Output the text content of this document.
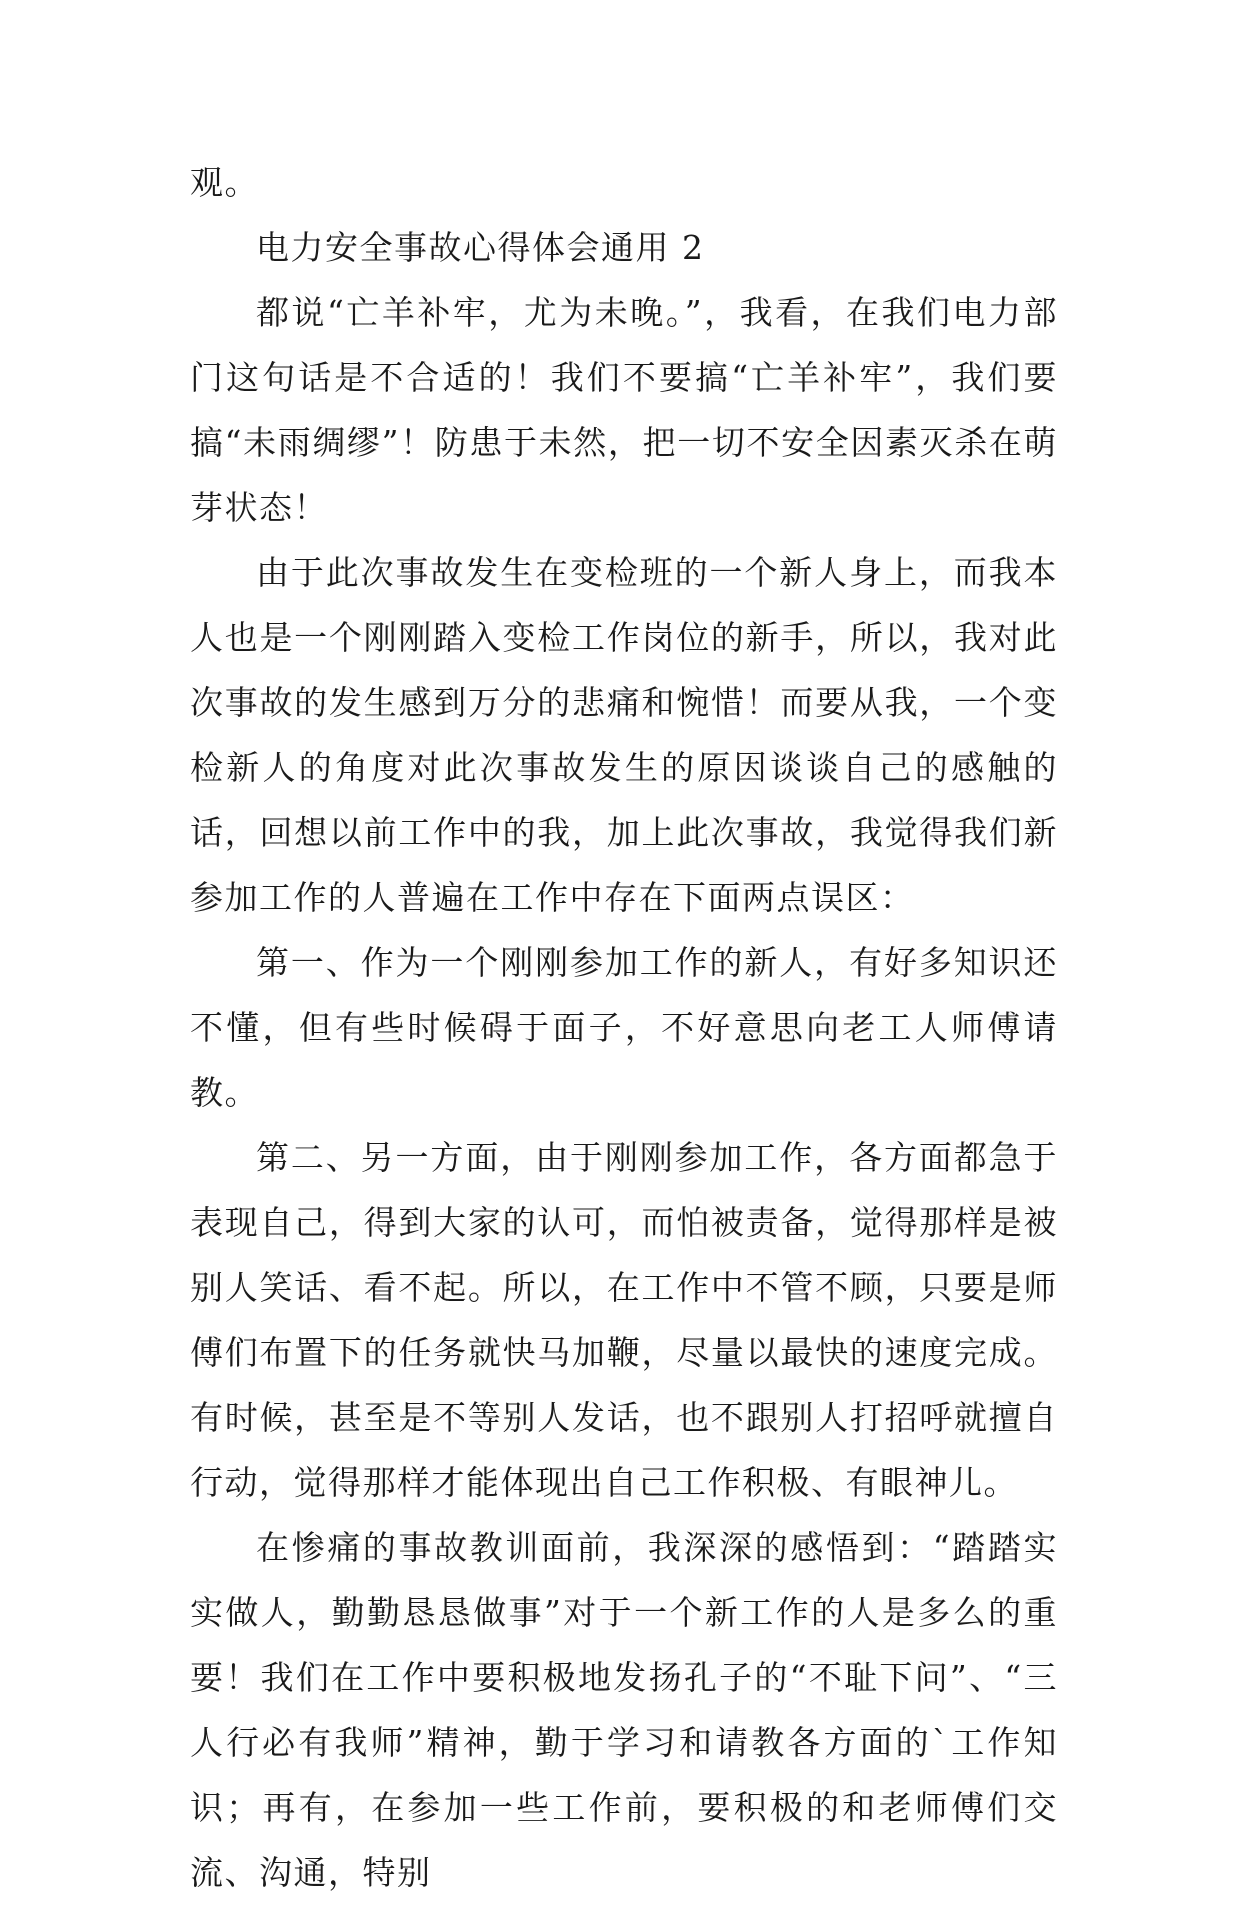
观。

电力安全事故心得体会通用 2

都说“亡羊补牢，尤为未晚。”，我看，在我们电力部门这句话是不合适的！我们不要搞“亡羊补牢”，我们要搞“未雨绸缪”！防患于未然，把一切不安全因素灭杀在萌芽状态！

由于此次事故发生在变检班的一个新人身上，而我本人也是一个刚刚踏入变检工作岗位的新手，所以，我对此次事故的发生感到万分的悲痛和惋惜！而要从我，一个变检新人的角度对此次事故发生的原因谈谈自己的感触的话，回想以前工作中的我，加上此次事故，我觉得我们新参加工作的人普遍在工作中存在下面两点误区：

第一、作为一个刚刚参加工作的新人，有好多知识还不懂，但有些时候碍于面子，不好意思向老工人师傅请教。

第二、另一方面，由于刚刚参加工作，各方面都急于表现自己，得到大家的认可，而怕被责备，觉得那样是被别人笑话、看不起。所以，在工作中不管不顾，只要是师傅们布置下的任务就快马加鞭，尽量以最快的速度完成。有时候，甚至是不等别人发话，也不跟别人打招呼就擅自行动，觉得那样才能体现出自己工作积极、有眼神儿。

在惨痛的事故教训面前，我深深的感悟到：“踏踏实实做人，勤勤恳恳做事”对于一个新工作的人是多么的重要！我们在工作中要积极地发扬孔子的“不耻下问”、“三人行必有我师”精神，勤于学习和请教各方面的`工作知识；再有，在参加一些工作前，要积极的和老师傅们交流、沟通，特别
